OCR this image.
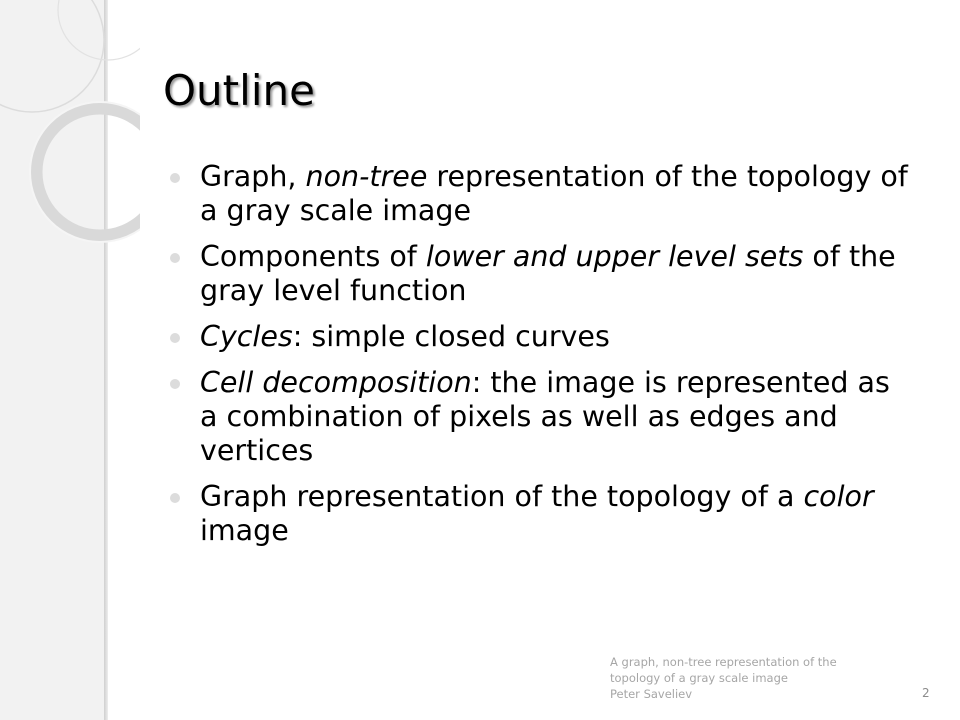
Outline
Graph, non-tree representation of the topology of a gray scale image
Components of lower and upper level sets of the gray level function
Cycles: simple closed curves
Cell decomposition: the image is represented as a combination of pixels as well as edges and vertices
Graph representation of the topology of a color image
A graph, non-tree representation of the
topology of a gray scale image
Peter Saveliev	2
